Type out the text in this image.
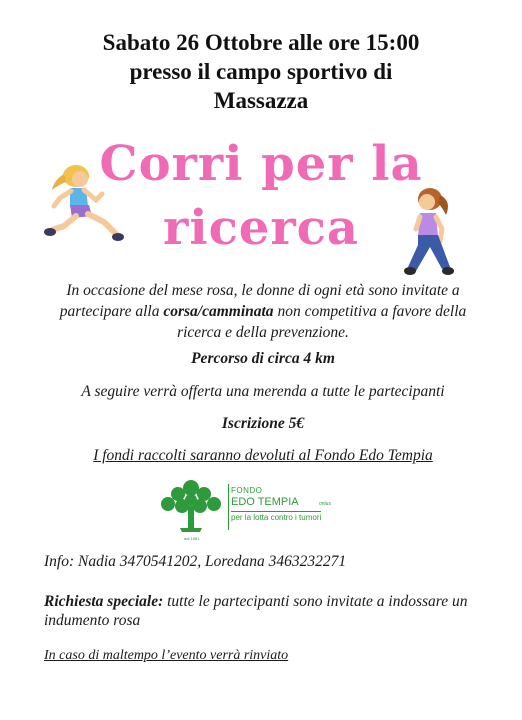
Sabato 26 Ottobre alle ore 15:00
presso il campo sportivo di
Massazza
Corri per la
ricerca
In occasione del mese rosa, le donne di ogni età sono invitate a partecipare alla corsa/camminata non competitiva a favore della ricerca e della prevenzione.
Percorso di circa 4 km
A seguire verrà offerta una merenda a tutte le partecipanti
Iscrizione 5€
I fondi raccolti saranno devoluti al Fondo Edo Tempia
dal 1981
FONDO
EDO TEMPIA	onlus
per la lotta contro i tumori
Info: Nadia 3470541202, Loredana 3463232271
Richiesta speciale: tutte le partecipanti sono invitate a indossare un indumento rosa
In caso di maltempo l’evento verrà rinviato
